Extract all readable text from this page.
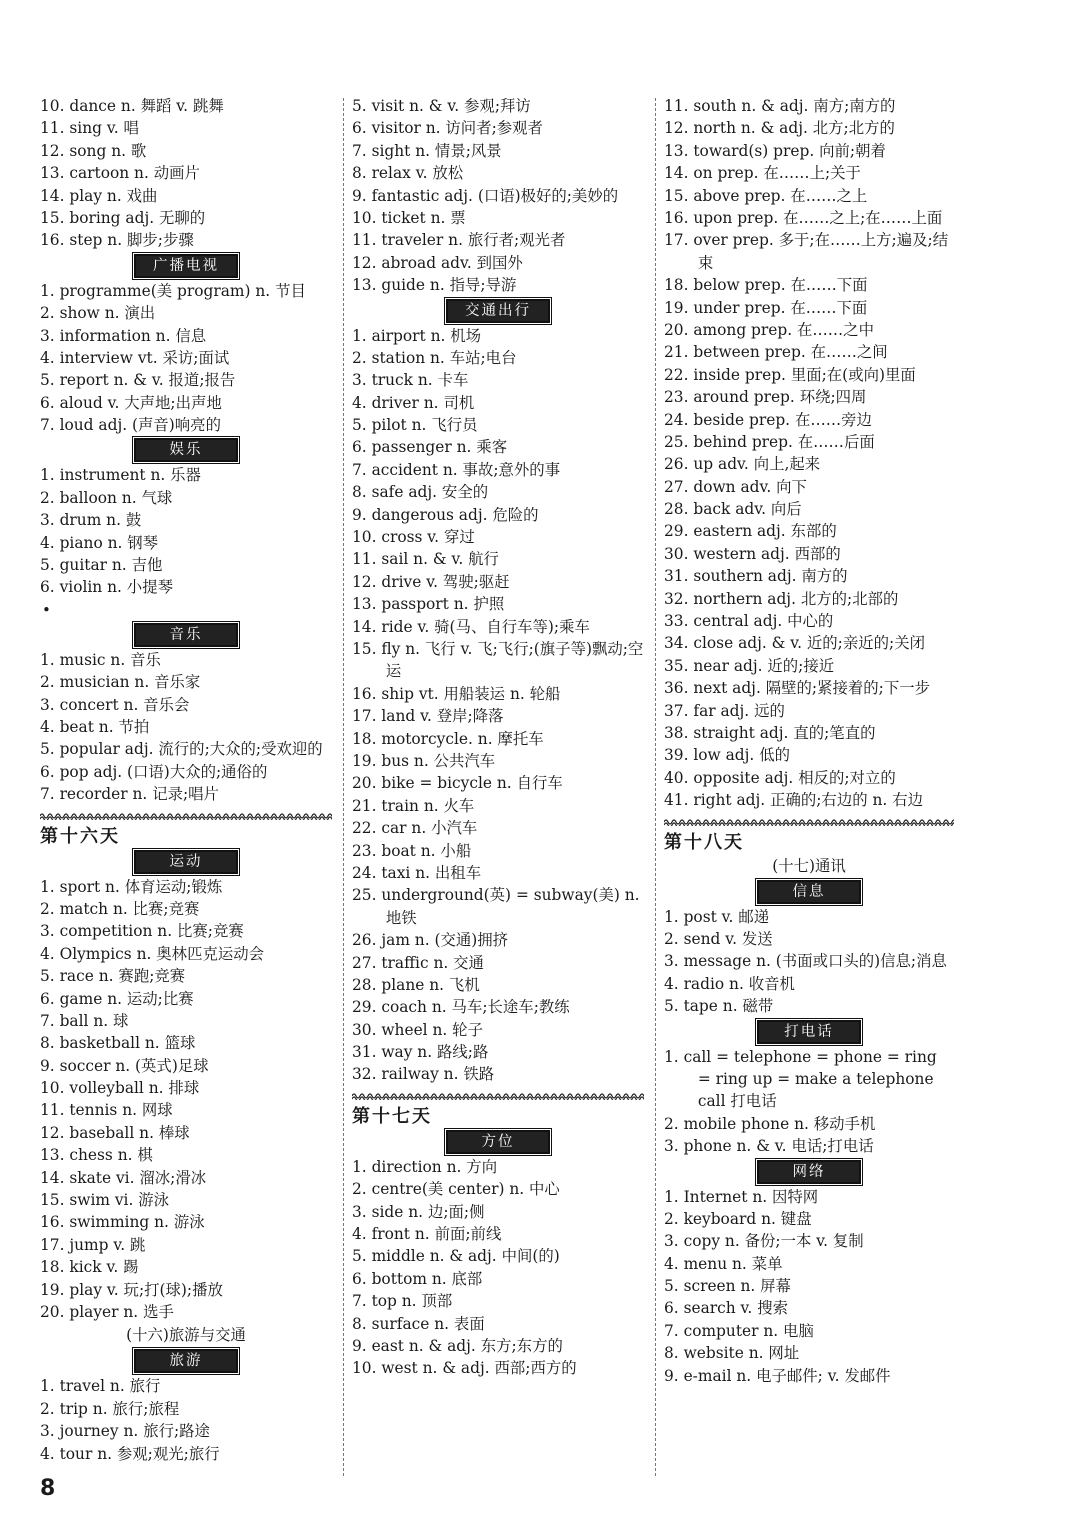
10. dance n. 舞蹈 v. 跳舞
11. sing v. 唱
12. song n. 歌
13. cartoon n. 动画片
14. play n. 戏曲
15. boring adj. 无聊的
16. step n. 脚步;步骤
广播电视
1. programme(美 program) n. 节目
2. show n. 演出
3. information n. 信息
4. interview vt. 采访;面试
5. report n. & v. 报道;报告
6. aloud v. 大声地;出声地
7. loud adj. (声音)响亮的
娱乐
1. instrument n. 乐器
2. balloon n. 气球
3. drum n. 鼓
4. piano n. 钢琴
5. guitar n. 吉他
6. violin n. 小提琴
•
音乐
1. music n. 音乐
2. musician n. 音乐家
3. concert n. 音乐会
4. beat n. 节拍
5. popular adj. 流行的;大众的;受欢迎的
6. pop adj. (口语)大众的;通俗的
7. recorder n. 记录;唱片
第十六天
运动
1. sport n. 体育运动;锻炼
2. match n. 比赛;竞赛
3. competition n. 比赛;竞赛
4. Olympics n. 奥林匹克运动会
5. race n. 赛跑;竞赛
6. game n. 运动;比赛
7. ball n. 球
8. basketball n. 篮球
9. soccer n. (英式)足球
10. volleyball n. 排球
11. tennis n. 网球
12. baseball n. 棒球
13. chess n. 棋
14. skate vi. 溜冰;滑冰
15. swim vi. 游泳
16. swimming n. 游泳
17. jump v. 跳
18. kick v. 踢
19. play v. 玩;打(球);播放
20. player n. 选手
(十六)旅游与交通
旅游
1. travel n. 旅行
2. trip n. 旅行;旅程
3. journey n. 旅行;路途
4. tour n. 参观;观光;旅行
5. visit n. & v. 参观;拜访
6. visitor n. 访问者;参观者
7. sight n. 情景;风景
8. relax v. 放松
9. fantastic adj. (口语)极好的;美妙的
10. ticket n. 票
11. traveler n. 旅行者;观光者
12. abroad adv. 到国外
13. guide n. 指导;导游
交通出行
1. airport n. 机场
2. station n. 车站;电台
3. truck n. 卡车
4. driver n. 司机
5. pilot n. 飞行员
6. passenger n. 乘客
7. accident n. 事故;意外的事
8. safe adj. 安全的
9. dangerous adj. 危险的
10. cross v. 穿过
11. sail n. & v. 航行
12. drive v. 驾驶;驱赶
13. passport n. 护照
14. ride v. 骑(马、自行车等);乘车
15. fly n. 飞行 v. 飞;飞行;(旗子等)飘动;空运
16. ship vt. 用船装运 n. 轮船
17. land v. 登岸;降落
18. motorcycle. n. 摩托车
19. bus n. 公共汽车
20. bike = bicycle n. 自行车
21. train n. 火车
22. car n. 小汽车
23. boat n. 小船
24. taxi n. 出租车
25. underground(英) = subway(美) n. 地铁
26. jam n. (交通)拥挤
27. traffic n. 交通
28. plane n. 飞机
29. coach n. 马车;长途车;教练
30. wheel n. 轮子
31. way n. 路线;路
32. railway n. 铁路
第十七天
方位
1. direction n. 方向
2. centre(美 center) n. 中心
3. side n. 边;面;侧
4. front n. 前面;前线
5. middle n. & adj. 中间(的)
6. bottom n. 底部
7. top n. 顶部
8. surface n. 表面
9. east n. & adj. 东方;东方的
10. west n. & adj. 西部;西方的
11. south n. & adj. 南方;南方的
12. north n. & adj. 北方;北方的
13. toward(s) prep. 向前;朝着
14. on prep. 在……上;关于
15. above prep. 在……之上
16. upon prep. 在……之上;在……上面
17. over prep. 多于;在……上方;遍及;结束
18. below prep. 在……下面
19. under prep. 在……下面
20. among prep. 在……之中
21. between prep. 在……之间
22. inside prep. 里面;在(或向)里面
23. around prep. 环绕;四周
24. beside prep. 在……旁边
25. behind prep. 在……后面
26. up adv. 向上,起来
27. down adv. 向下
28. back adv. 向后
29. eastern adj. 东部的
30. western adj. 西部的
31. southern adj. 南方的
32. northern adj. 北方的;北部的
33. central adj. 中心的
34. close adj. & v. 近的;亲近的;关闭
35. near adj. 近的;接近
36. next adj. 隔壁的;紧接着的;下一步
37. far adj. 远的
38. straight adj. 直的;笔直的
39. low adj. 低的
40. opposite adj. 相反的;对立的
41. right adj. 正确的;右边的 n. 右边
第十八天
(十七)通讯
信息
1. post v. 邮递
2. send v. 发送
3. message n. (书面或口头的)信息;消息
4. radio n. 收音机
5. tape n. 磁带
打电话
1. call = telephone = phone = ring = ring up = make a telephone call 打电话
2. mobile phone n. 移动手机
3. phone n. & v. 电话;打电话
网络
1. Internet n. 因特网
2. keyboard n. 键盘
3. copy n. 备份;一本 v. 复制
4. menu n. 菜单
5. screen n. 屏幕
6. search v. 搜索
7. computer n. 电脑
8. website n. 网址
9. e-mail n. 电子邮件; v. 发邮件
8
